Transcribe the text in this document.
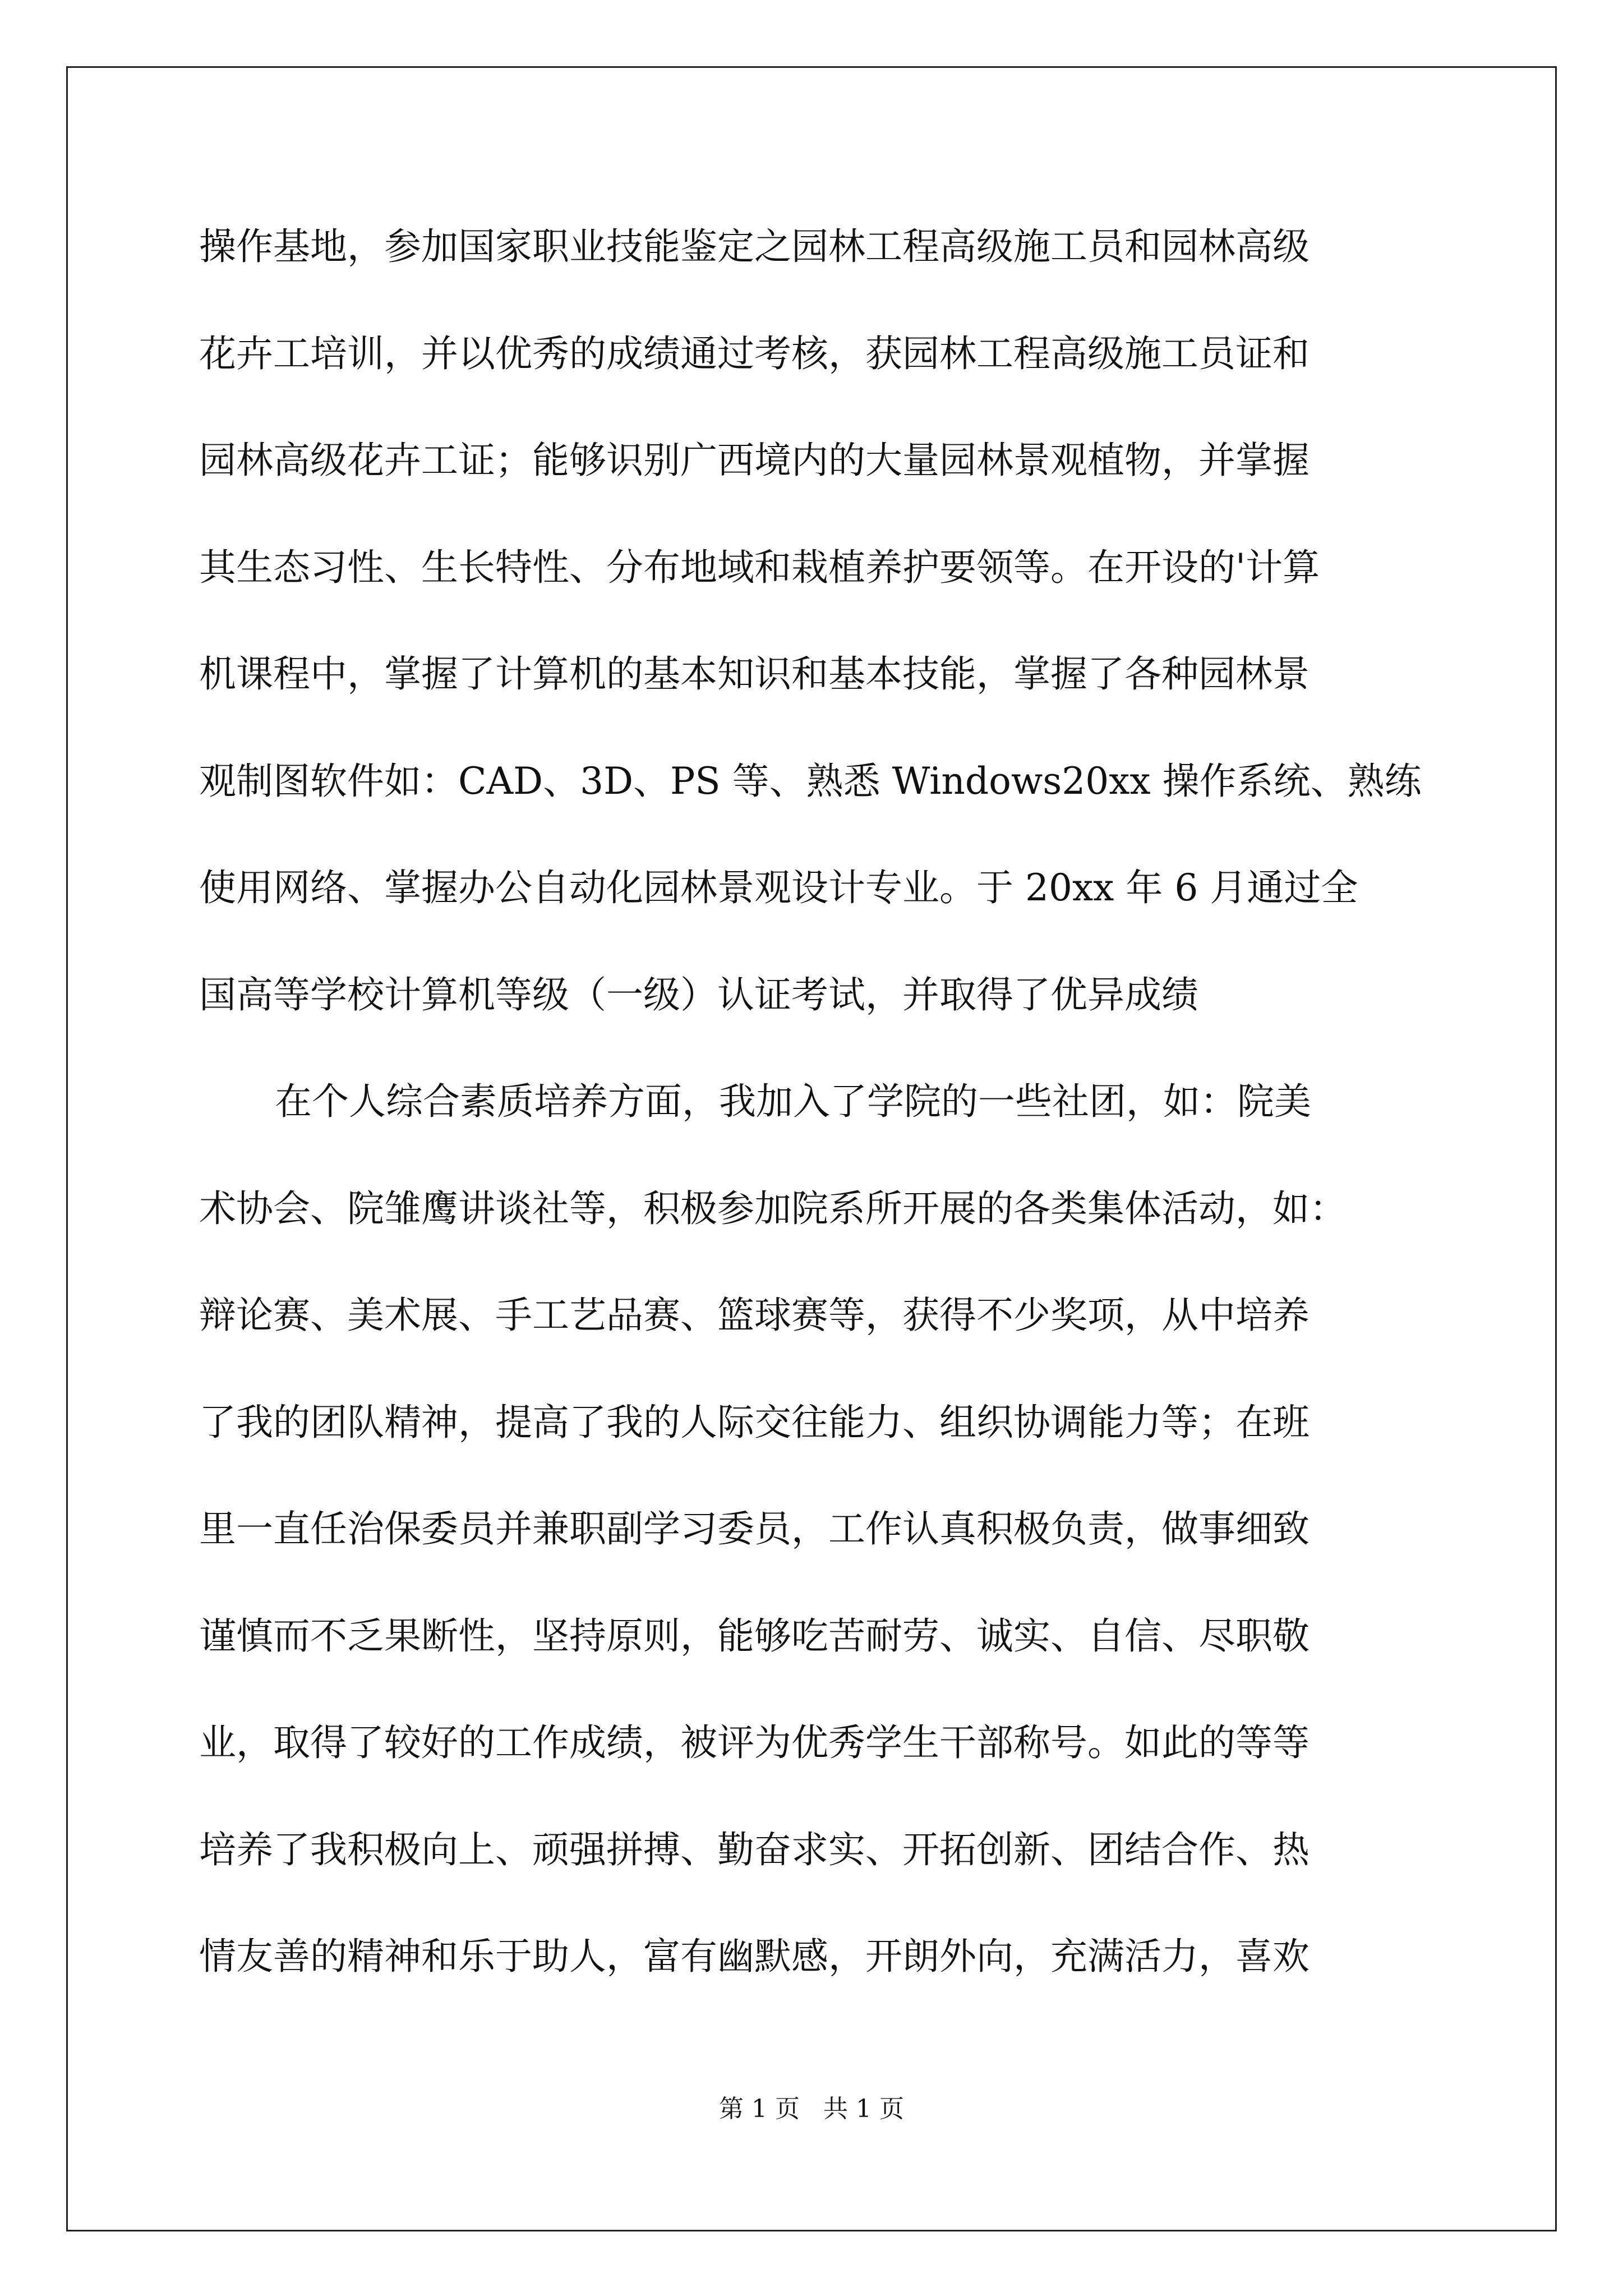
操作基地，参加国家职业技能鉴定之园林工程高级施工员和园林高级
花卉工培训，并以优秀的成绩通过考核，获园林工程高级施工员证和
园林高级花卉工证；能够识别广西境内的大量园林景观植物，并掌握
其生态习性、生长特性、分布地域和栽植养护要领等。在开设的'计算
机课程中，掌握了计算机的基本知识和基本技能，掌握了各种园林景
观制图软件如：CAD、3D、PS 等、熟悉 Windows20xx 操作系统、熟练
使用网络、掌握办公自动化园林景观设计专业。于 20xx 年 6 月通过全
国高等学校计算机等级（一级）认证考试，并取得了优异成绩
在个人综合素质培养方面，我加入了学院的一些社团，如：院美
术协会、院雏鹰讲谈社等，积极参加院系所开展的各类集体活动，如：
辩论赛、美术展、手工艺品赛、篮球赛等，获得不少奖项，从中培养
了我的团队精神，提高了我的人际交往能力、组织协调能力等；在班
里一直任治保委员并兼职副学习委员，工作认真积极负责，做事细致
谨慎而不乏果断性，坚持原则，能够吃苦耐劳、诚实、自信、尽职敬
业，取得了较好的工作成绩，被评为优秀学生干部称号。如此的等等
培养了我积极向上、顽强拼搏、勤奋求实、开拓创新、团结合作、热
情友善的精神和乐于助人，富有幽默感，开朗外向，充满活力，喜欢
第 1 页   共 1 页
